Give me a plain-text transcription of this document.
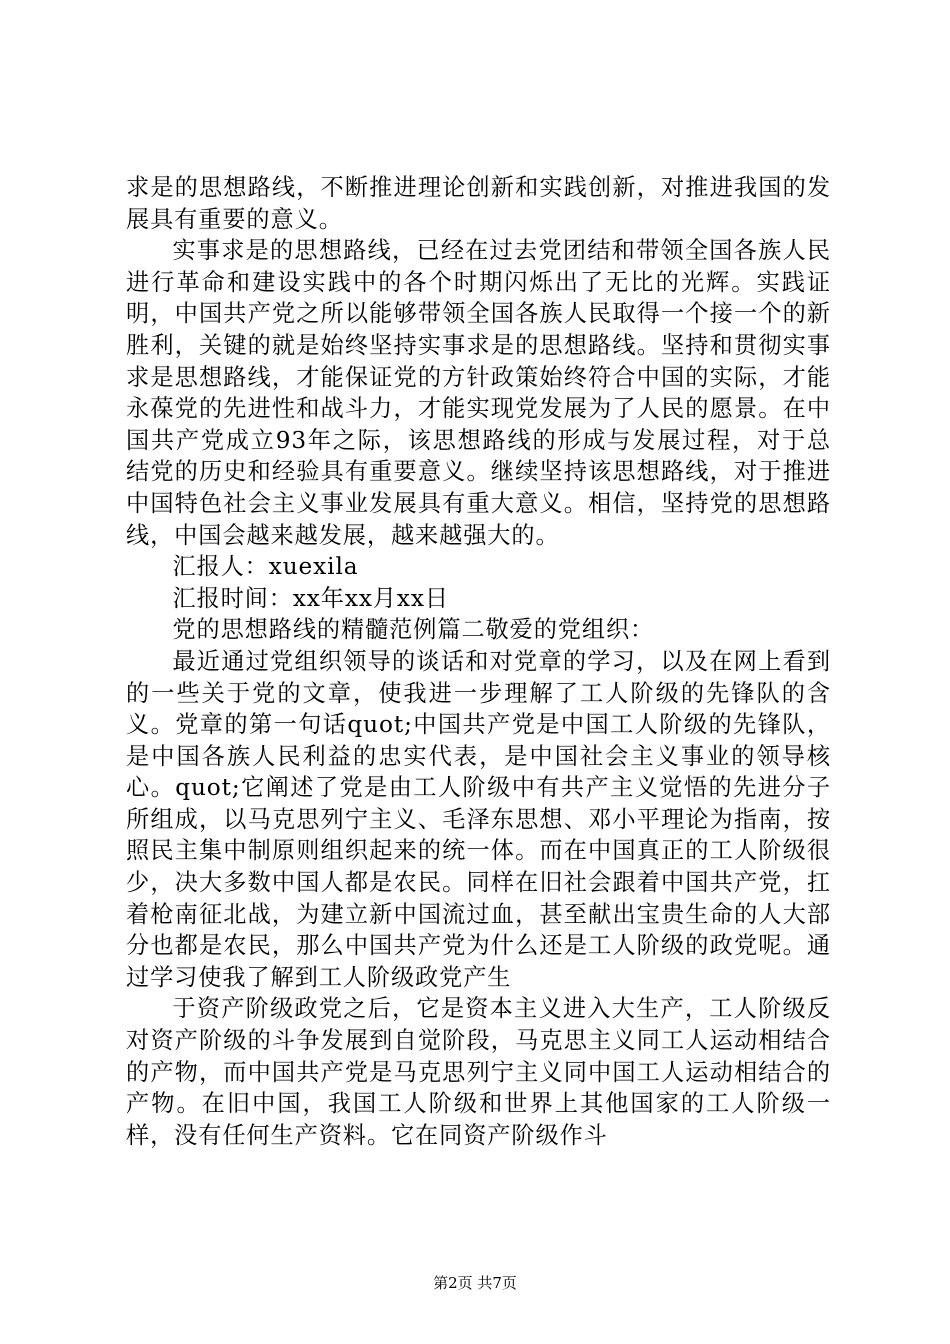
求是的思想路线，不断推进理论创新和实践创新，对推进我国的发展具有重要的意义。

实事求是的思想路线，已经在过去党团结和带领全国各族人民进行革命和建设实践中的各个时期闪烁出了无比的光辉。实践证明，中国共产党之所以能够带领全国各族人民取得一个接一个的新胜利，关键的就是始终坚持实事求是的思想路线。坚持和贯彻实事求是思想路线，才能保证党的方针政策始终符合中国的实际，才能永葆党的先进性和战斗力，才能实现党发展为了人民的愿景。在中国共产党成立93年之际，该思想路线的形成与发展过程，对于总结党的历史和经验具有重要意义。继续坚持该思想路线，对于推进中国特色社会主义事业发展具有重大意义。相信，坚持党的思想路线，中国会越来越发展，越来越强大的。

汇报人：xuexila

汇报时间：xx年xx月xx日

党的思想路线的精髓范例篇二敬爱的党组织：

最近通过党组织领导的谈话和对党章的学习，以及在网上看到的一些关于党的文章，使我进一步理解了工人阶级的先锋队的含义。党章的第一句话quot;中国共产党是中国工人阶级的先锋队，是中国各族人民利益的忠实代表，是中国社会主义事业的领导核心。quot;它阐述了党是由工人阶级中有共产主义觉悟的先进分子所组成，以马克思列宁主义、毛泽东思想、邓小平理论为指南，按照民主集中制原则组织起来的统一体。而在中国真正的工人阶级很少，决大多数中国人都是农民。同样在旧社会跟着中国共产党，扛着枪南征北战，为建立新中国流过血，甚至献出宝贵生命的人大部分也都是农民，那么中国共产党为什么还是工人阶级的政党呢。通过学习使我了解到工人阶级政党产生

于资产阶级政党之后，它是资本主义进入大生产，工人阶级反对资产阶级的斗争发展到自觉阶段，马克思主义同工人运动相结合的产物，而中国共产党是马克思列宁主义同中国工人运动相结合的产物。在旧中国，我国工人阶级和世界上其他国家的工人阶级一样，没有任何生产资料。它在同资产阶级作斗

第2页 共7页
